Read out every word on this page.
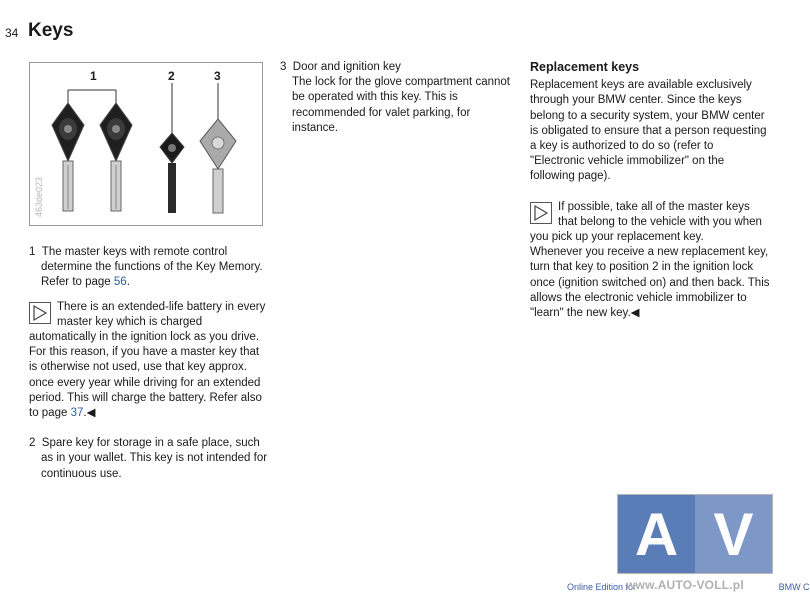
34 Keys
1	2	3
463de023

1 The master keys with remote control determine the functions of the Key Memory. Refer to page 56.

There is an extended-life battery in every master key which is charged automatically in the ignition lock as you drive.
For this reason, if you have a master key that is otherwise not used, use that key approx. once every year while driving for an extended period. This will charge the battery. Refer also to page 37.◀

2 Spare key for storage in a safe place, such as in your wallet. This key is not intended for continuous use.

3 Door and ignition key
The lock for the glove compartment cannot be operated with this key. This is recommended for valet parking, for instance.

Replacement keys

Replacement keys are available exclusively through your BMW center. Since the keys belong to a security system, your BMW center is obligated to ensure that a person requesting a key is authorized to do so (refer to "Electronic vehicle immobilizer" on the following page).

If possible, take all of the master keys that belong to the vehicle with you when you pick up your replacement key.
Whenever you receive a new replacement key, turn that key to position 2 in the ignition lock once (ignition switched on) and then back. This allows the electronic vehicle immobilizer to "learn" the new key.◀

A V
Online Edition for	BMW C
www.AUTO-VOLL.pl
